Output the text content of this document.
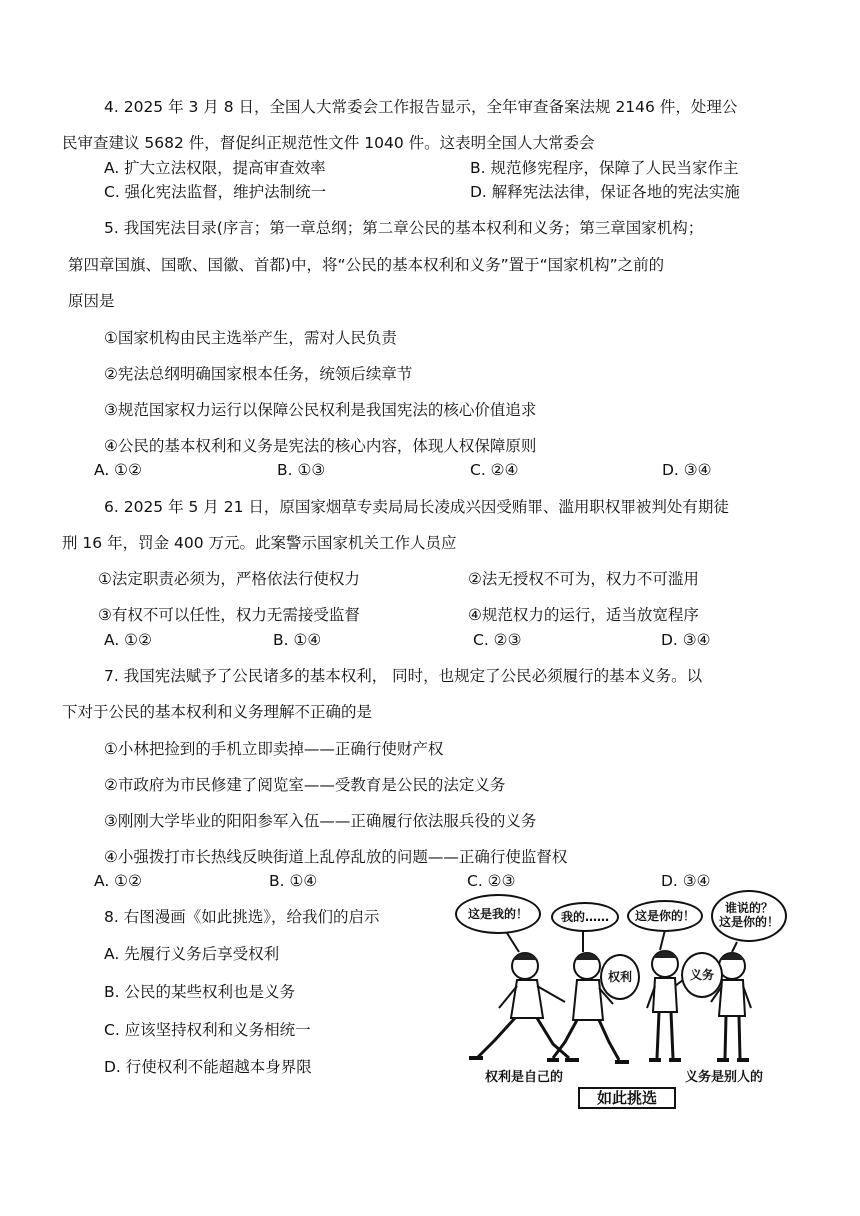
4. 2025 年 3 月 8 日，全国人大常委会工作报告显示，全年审查备案法规 2146 件，处理公
民审查建议 5682 件，督促纠正规范性文件 1040 件。这表明全国人大常委会
A. 扩大立法权限，提高审查效率	B. 规范修宪程序，保障了人民当家作主
C. 强化宪法监督，维护法制统一	D. 解释宪法法律，保证各地的宪法实施
5. 我国宪法目录(序言；第一章总纲；第二章公民的基本权利和义务；第三章国家机构；
第四章国旗、国歌、国徽、首都)中，将“公民的基本权利和义务”置于“国家机构”之前的
原因是
①国家机构由民主选举产生，需对人民负责
②宪法总纲明确国家根本任务，统领后续章节
③规范国家权力运行以保障公民权利是我国宪法的核心价值追求
④公民的基本权利和义务是宪法的核心内容，体现人权保障原则
A. ①②	B. ①③	C. ②④	D. ③④
6. 2025 年 5 月 21 日，原国家烟草专卖局局长凌成兴因受贿罪、滥用职权罪被判处有期徒
刑 16 年，罚金 400 万元。此案警示国家机关工作人员应
①法定职责必须为，严格依法行使权力	②法无授权不可为，权力不可滥用
③有权不可以任性，权力无需接受监督	④规范权力的运行，适当放宽程序
A. ①②	B. ①④	C. ②③	D. ③④
7. 我国宪法赋予了公民诸多的基本权利， 同时，也规定了公民必须履行的基本义务。以
下对于公民的基本权利和义务理解不正确的是
①小林把捡到的手机立即卖掉——正确行使财产权
②市政府为市民修建了阅览室——受教育是公民的法定义务
③刚刚大学毕业的阳阳参军入伍——正确履行依法服兵役的义务
④小强拨打市长热线反映街道上乱停乱放的问题——正确行使监督权
A. ①②	B. ①④	C. ②③	D. ③④
8. 右图漫画《如此挑选》，给我们的启示
A. 先履行义务后享受权利
B. 公民的某些权利也是义务
C. 应该坚持权利和义务相统一
D. 行使权利不能超越本身界限
这是我的！	我的……	这是你的！
谁说的？
这是你的！
权利	义务
权利是自己的	义务是别人的
如此挑选
